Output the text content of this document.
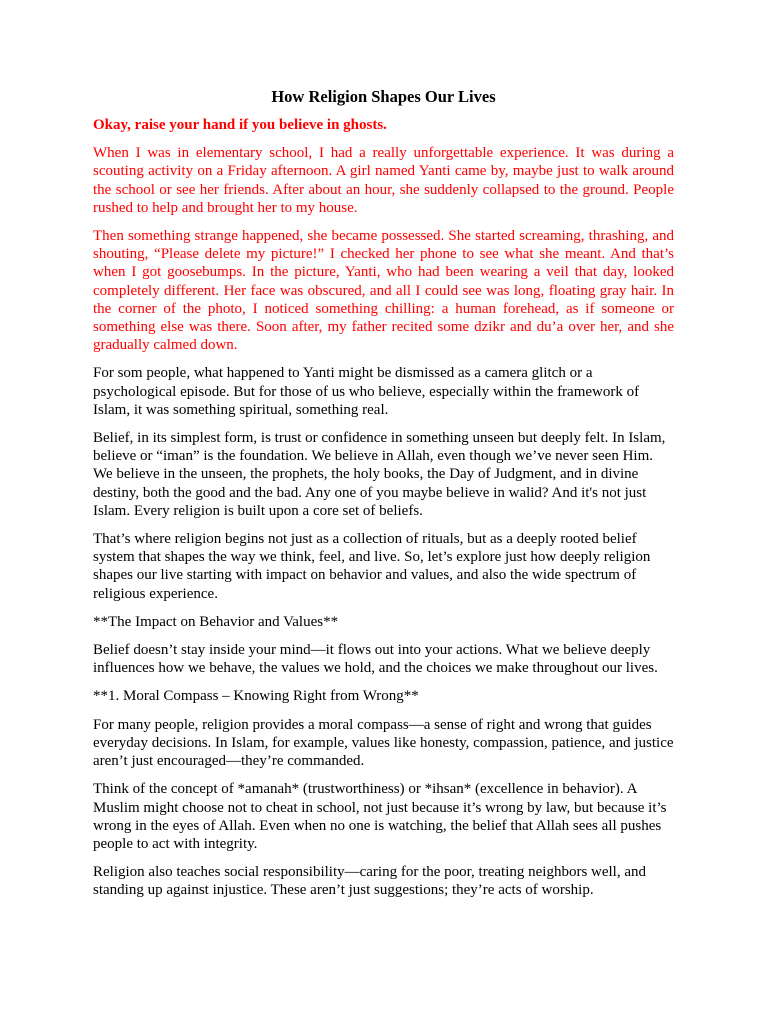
How Religion Shapes Our Lives

Okay, raise your hand if you believe in ghosts.

When I was in elementary school, I had a really unforgettable experience. It was during a scouting activity on a Friday afternoon. A girl named Yanti came by, maybe just to walk around the school or see her friends. After about an hour, she suddenly collapsed to the ground. People rushed to help and brought her to my house.

Then something strange happened, she became possessed. She started screaming, thrashing, and shouting, “Please delete my picture!” I checked her phone to see what she meant. And that’s when I got goosebumps. In the picture, Yanti, who had been wearing a veil that day, looked completely different. Her face was obscured, and all I could see was long, floating gray hair. In the corner of the photo, I noticed something chilling: a human forehead, as if someone or something else was there. Soon after, my father recited some dzikr and du’a over her, and she gradually calmed down.

For som people, what happened to Yanti might be dismissed as a camera glitch or a psychological episode. But for those of us who believe, especially within the framework of Islam, it was something spiritual, something real.

Belief, in its simplest form, is trust or confidence in something unseen but deeply felt. In Islam, believe or “iman” is the foundation. We believe in Allah, even though we’ve never seen Him. We believe in the unseen, the prophets, the holy books, the Day of Judgment, and in divine destiny, both the good and the bad. Any one of you maybe believe in walid? And it's not just Islam. Every religion is built upon a core set of beliefs.

That’s where religion begins not just as a collection of rituals, but as a deeply rooted belief system that shapes the way we think, feel, and live. So, let’s explore just how deeply religion shapes our live starting with impact on behavior and values, and also the wide spectrum of religious experience.

**The Impact on Behavior and Values**

Belief doesn’t stay inside your mind—it flows out into your actions. What we believe deeply influences how we behave, the values we hold, and the choices we make throughout our lives.

**1. Moral Compass – Knowing Right from Wrong**

For many people, religion provides a moral compass—a sense of right and wrong that guides everyday decisions. In Islam, for example, values like honesty, compassion, patience, and justice aren’t just encouraged—they’re commanded.

Think of the concept of *amanah* (trustworthiness) or *ihsan* (excellence in behavior). A Muslim might choose not to cheat in school, not just because it’s wrong by law, but because it’s wrong in the eyes of Allah. Even when no one is watching, the belief that Allah sees all pushes people to act with integrity.

Religion also teaches social responsibility—caring for the poor, treating neighbors well, and standing up against injustice. These aren’t just suggestions; they’re acts of worship.
